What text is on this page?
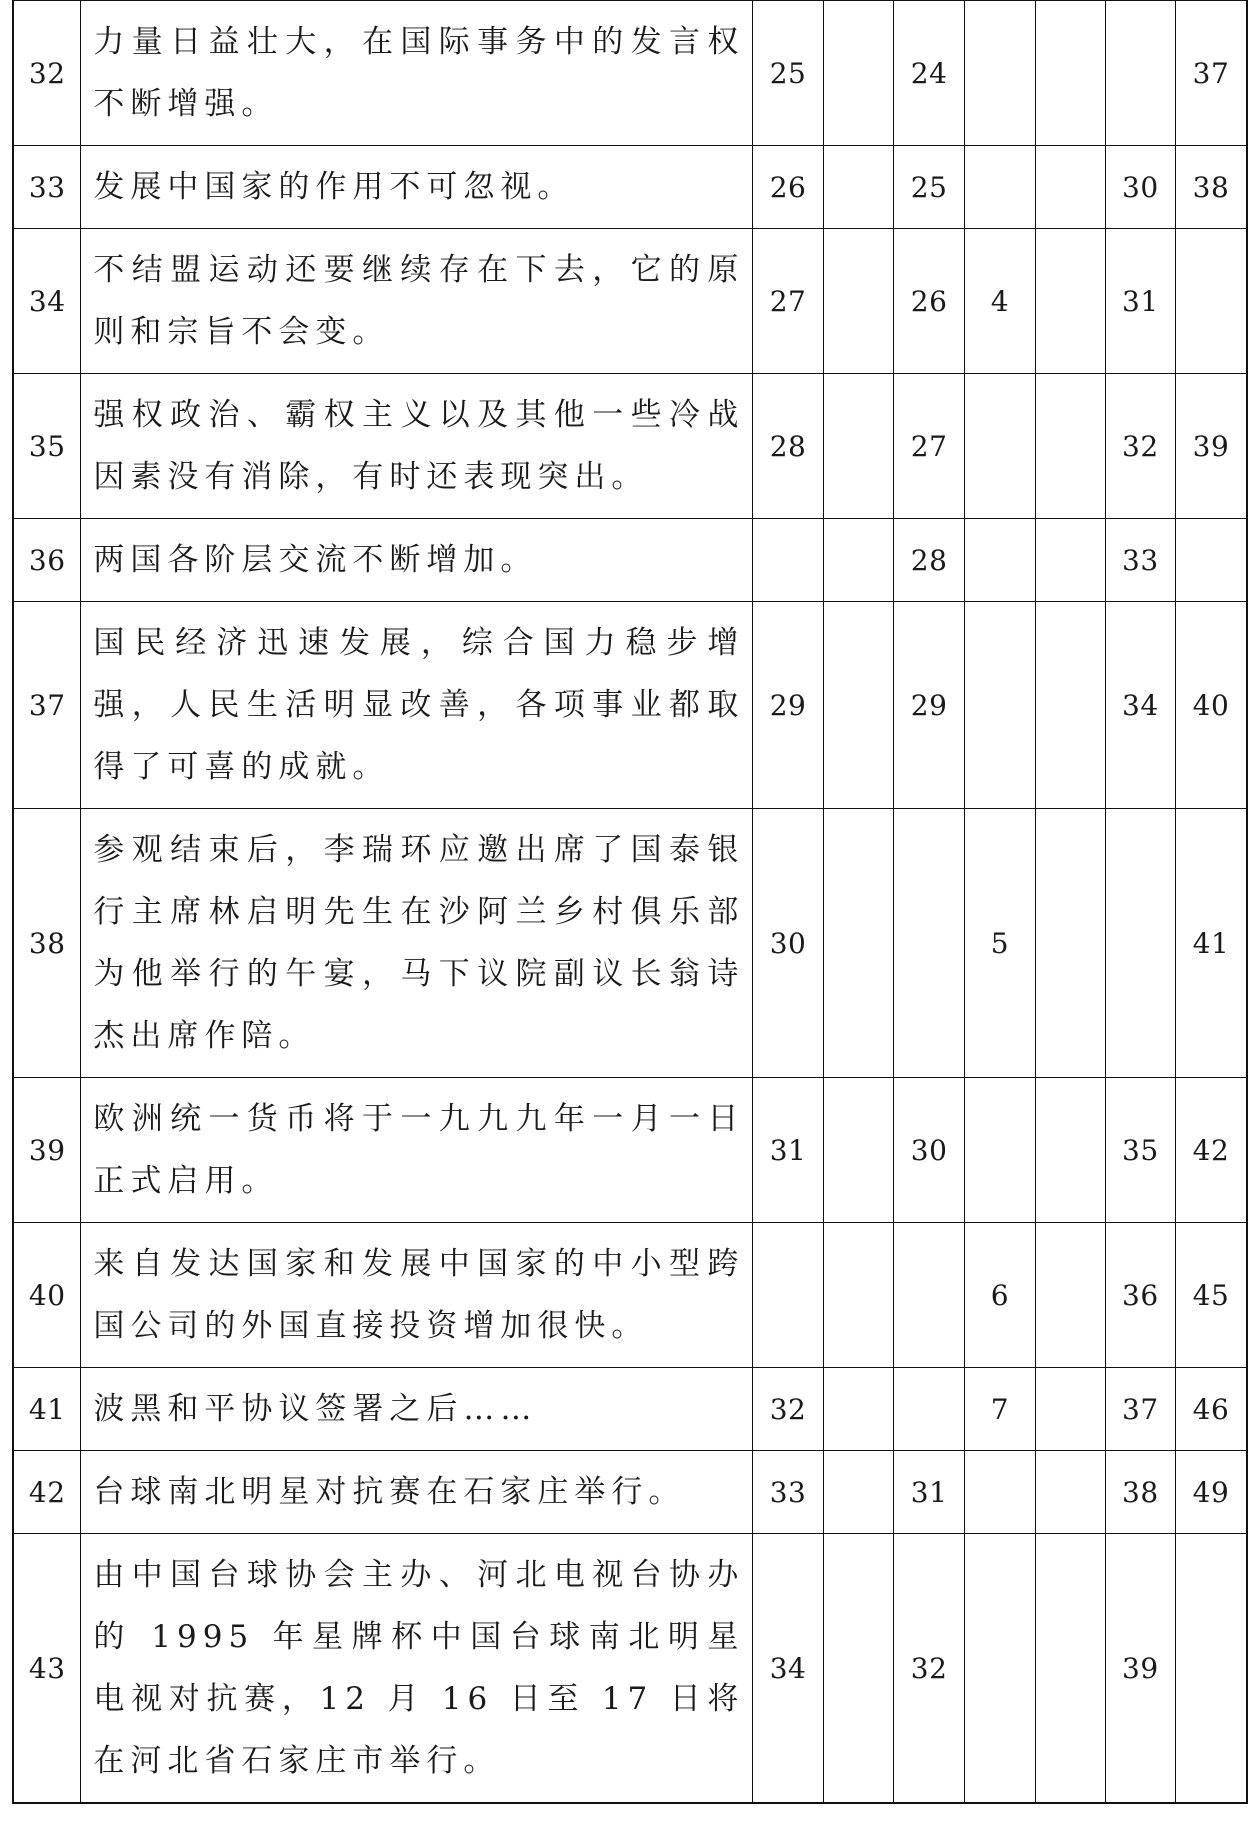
32	力量日益壮大，在国际事务中的发言权不断增强。	25		24				37
33	发展中国家的作用不可忽视。	26		25			30	38
34	不结盟运动还要继续存在下去，它的原则和宗旨不会变。	27		26	4		31	
35	强权政治、霸权主义以及其他一些冷战因素没有消除，有时还表现突出。	28		27			32	39
36	两国各阶层交流不断增加。			28			33	
37	国民经济迅速发展，综合国力稳步增强，人民生活明显改善，各项事业都取得了可喜的成就。	29		29			34	40
38	参观结束后，李瑞环应邀出席了国泰银行主席林启明先生在沙阿兰乡村俱乐部为他举行的午宴，马下议院副议长翁诗杰出席作陪。	30			5			41
39	欧洲统一货币将于一九九九年一月一日正式启用。	31		30			35	42
40	来自发达国家和发展中国家的中小型跨国公司的外国直接投资增加很快。				6		36	45
41	波黑和平协议签署之后……	32			7		37	46
42	台球南北明星对抗赛在石家庄举行。	33		31			38	49
43	由中国台球协会主办、河北电视台协办的 1995 年星牌杯中国台球南北明星电视对抗赛，12 月 16 日至 17 日将在河北省石家庄市举行。	34		32			39	
